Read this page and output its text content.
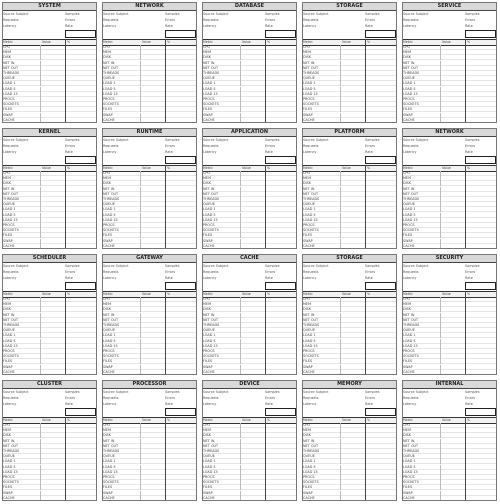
SYSTEM
Source Subject	Samples
Requests	Errors
Latency	Rate
Metric	Value	%
CPU
MEM
DISK
NET IN
NET OUT
THREADS
QUEUE
LOAD 1
LOAD 5
LOAD 15
PROCS
SOCKETS
FILES
SWAP
CACHE
NETWORK
Source Subject	Samples
Requests	Errors
Latency	Rate
Metric	Value	%
CPU
MEM
DISK
NET IN
NET OUT
THREADS
QUEUE
LOAD 1
LOAD 5
LOAD 15
PROCS
SOCKETS
FILES
SWAP
CACHE
DATABASE
Source Subject	Samples
Requests	Errors
Latency	Rate
Metric	Value	%
CPU
MEM
DISK
NET IN
NET OUT
THREADS
QUEUE
LOAD 1
LOAD 5
LOAD 15
PROCS
SOCKETS
FILES
SWAP
CACHE
STORAGE
Source Subject	Samples
Requests	Errors
Latency	Rate
Metric	Value	%
CPU
MEM
DISK
NET IN
NET OUT
THREADS
QUEUE
LOAD 1
LOAD 5
LOAD 15
PROCS
SOCKETS
FILES
SWAP
CACHE
SERVICE
Source Subject	Samples
Requests	Errors
Latency	Rate
Metric	Value	%
CPU
MEM
DISK
NET IN
NET OUT
THREADS
QUEUE
LOAD 1
LOAD 5
LOAD 15
PROCS
SOCKETS
FILES
SWAP
CACHE
KERNEL
Source Subject	Samples
Requests	Errors
Latency	Rate
Metric	Value	%
CPU
MEM
DISK
NET IN
NET OUT
THREADS
QUEUE
LOAD 1
LOAD 5
LOAD 15
PROCS
SOCKETS
FILES
SWAP
CACHE
RUNTIME
Source Subject	Samples
Requests	Errors
Latency	Rate
Metric	Value	%
CPU
MEM
DISK
NET IN
NET OUT
THREADS
QUEUE
LOAD 1
LOAD 5
LOAD 15
PROCS
SOCKETS
FILES
SWAP
CACHE
APPLICATION
Source Subject	Samples
Requests	Errors
Latency	Rate
Metric	Value	%
CPU
MEM
DISK
NET IN
NET OUT
THREADS
QUEUE
LOAD 1
LOAD 5
LOAD 15
PROCS
SOCKETS
FILES
SWAP
CACHE
PLATFORM
Source Subject	Samples
Requests	Errors
Latency	Rate
Metric	Value	%
CPU
MEM
DISK
NET IN
NET OUT
THREADS
QUEUE
LOAD 1
LOAD 5
LOAD 15
PROCS
SOCKETS
FILES
SWAP
CACHE
NETWORK
Source Subject	Samples
Requests	Errors
Latency	Rate
Metric	Value	%
CPU
MEM
DISK
NET IN
NET OUT
THREADS
QUEUE
LOAD 1
LOAD 5
LOAD 15
PROCS
SOCKETS
FILES
SWAP
CACHE
SCHEDULER
Source Subject	Samples
Requests	Errors
Latency	Rate
Metric	Value	%
CPU
MEM
DISK
NET IN
NET OUT
THREADS
QUEUE
LOAD 1
LOAD 5
LOAD 15
PROCS
SOCKETS
FILES
SWAP
CACHE
GATEWAY
Source Subject	Samples
Requests	Errors
Latency	Rate
Metric	Value	%
CPU
MEM
DISK
NET IN
NET OUT
THREADS
QUEUE
LOAD 1
LOAD 5
LOAD 15
PROCS
SOCKETS
FILES
SWAP
CACHE
CACHE
Source Subject	Samples
Requests	Errors
Latency	Rate
Metric	Value	%
CPU
MEM
DISK
NET IN
NET OUT
THREADS
QUEUE
LOAD 1
LOAD 5
LOAD 15
PROCS
SOCKETS
FILES
SWAP
CACHE
STORAGE
Source Subject	Samples
Requests	Errors
Latency	Rate
Metric	Value	%
CPU
MEM
DISK
NET IN
NET OUT
THREADS
QUEUE
LOAD 1
LOAD 5
LOAD 15
PROCS
SOCKETS
FILES
SWAP
CACHE
SECURITY
Source Subject	Samples
Requests	Errors
Latency	Rate
Metric	Value	%
CPU
MEM
DISK
NET IN
NET OUT
THREADS
QUEUE
LOAD 1
LOAD 5
LOAD 15
PROCS
SOCKETS
FILES
SWAP
CACHE
CLUSTER
Source Subject	Samples
Requests	Errors
Latency	Rate
Metric	Value	%
CPU
MEM
DISK
NET IN
NET OUT
THREADS
QUEUE
LOAD 1
LOAD 5
LOAD 15
PROCS
SOCKETS
FILES
SWAP
CACHE
PROCESSOR
Source Subject	Samples
Requests	Errors
Latency	Rate
Metric	Value	%
CPU
MEM
DISK
NET IN
NET OUT
THREADS
QUEUE
LOAD 1
LOAD 5
LOAD 15
PROCS
SOCKETS
FILES
SWAP
CACHE
DEVICE
Source Subject	Samples
Requests	Errors
Latency	Rate
Metric	Value	%
CPU
MEM
DISK
NET IN
NET OUT
THREADS
QUEUE
LOAD 1
LOAD 5
LOAD 15
PROCS
SOCKETS
FILES
SWAP
CACHE
MEMORY
Source Subject	Samples
Requests	Errors
Latency	Rate
Metric	Value	%
CPU
MEM
DISK
NET IN
NET OUT
THREADS
QUEUE
LOAD 1
LOAD 5
LOAD 15
PROCS
SOCKETS
FILES
SWAP
CACHE
INTERNAL
Source Subject	Samples
Requests	Errors
Latency	Rate
Metric	Value	%
CPU
MEM
DISK
NET IN
NET OUT
THREADS
QUEUE
LOAD 1
LOAD 5
LOAD 15
PROCS
SOCKETS
FILES
SWAP
CACHE
